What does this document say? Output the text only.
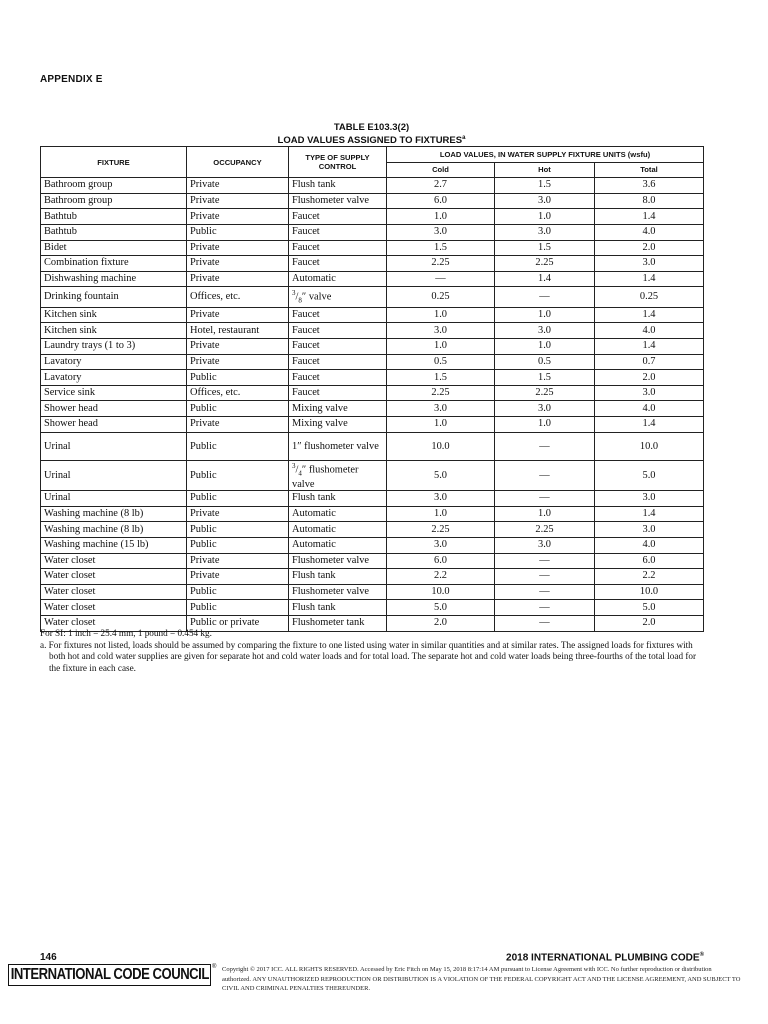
APPENDIX E
TABLE E103.3(2)
LOAD VALUES ASSIGNED TO FIXTURES$^a$
FIXTURE	OCCUPANCY	TYPE OF SUPPLY CONTROL	LOAD VALUES, IN WATER SUPPLY FIXTURE UNITS (wsfu)		
			Cold	Hot	Total
Bathroom group	Private	Flush tank	2.7	1.5	3.6
Bathroom group	Private	Flushometer valve	6.0	3.0	8.0
Bathtub	Private	Faucet	1.0	1.0	1.4
Bathtub	Public	Faucet	3.0	3.0	4.0
Bidet	Private	Faucet	1.5	1.5	2.0
Combination fixture	Private	Faucet	2.25	2.25	3.0
Dishwashing machine	Private	Automatic	—	1.4	1.4
Drinking fountain	Offices, etc.	$^3/_8''$ valve	0.25	—	0.25
Kitchen sink	Private	Faucet	1.0	1.0	1.4
Kitchen sink	Hotel, restaurant	Faucet	3.0	3.0	4.0
Laundry trays (1 to 3)	Private	Faucet	1.0	1.0	1.4
Lavatory	Private	Faucet	0.5	0.5	0.7
Lavatory	Public	Faucet	1.5	1.5	2.0
Service sink	Offices, etc.	Faucet	2.25	2.25	3.0
Shower head	Public	Mixing valve	3.0	3.0	4.0
Shower head	Private	Mixing valve	1.0	1.0	1.4
Urinal	Public	1″ flushometer valve	10.0	—	10.0
Urinal	Public	$^3/_4''$ flushometer valve	5.0	—	5.0
Urinal	Public	Flush tank	3.0	—	3.0
Washing machine (8 lb)	Private	Automatic	1.0	1.0	1.4
Washing machine (8 lb)	Public	Automatic	2.25	2.25	3.0
Washing machine (15 lb)	Public	Automatic	3.0	3.0	4.0
Water closet	Private	Flushometer valve	6.0	—	6.0
Water closet	Private	Flush tank	2.2	—	2.2
Water closet	Public	Flushometer valve	10.0	—	10.0
Water closet	Public	Flush tank	5.0	—	5.0
Water closet	Public or private	Flushometer tank	2.0	—	2.0

For SI: 1 inch = 25.4 mm, 1 pound = 0.454 kg.

a. For fixtures not listed, loads should be assumed by comparing the fixture to one listed using water in similar quantities and at similar rates. The assigned loads for fixtures with both hot and cold water supplies are given for separate hot and cold water loads and for total load. The separate hot and cold water loads being three-fourths of the total load for the fixture in each case.

146	2018 INTERNATIONAL PLUMBING CODE®
INTERNATIONAL CODE COUNCIL ® Copyright © 2017 ICC. ALL RIGHTS RESERVED. Accessed by Eric Fitch on May 15, 2018 8:17:14 AM pursuant to License Agreement with ICC. No further reproduction or distribution authorized. ANY UNAUTHORIZED REPRODUCTION OR DISTRIBUTION IS A VIOLATION OF THE FEDERAL COPYRIGHT ACT AND THE LICENSE AGREEMENT, AND SUBJECT TO CIVIL AND CRIMINAL PENALTIES THEREUNDER.
